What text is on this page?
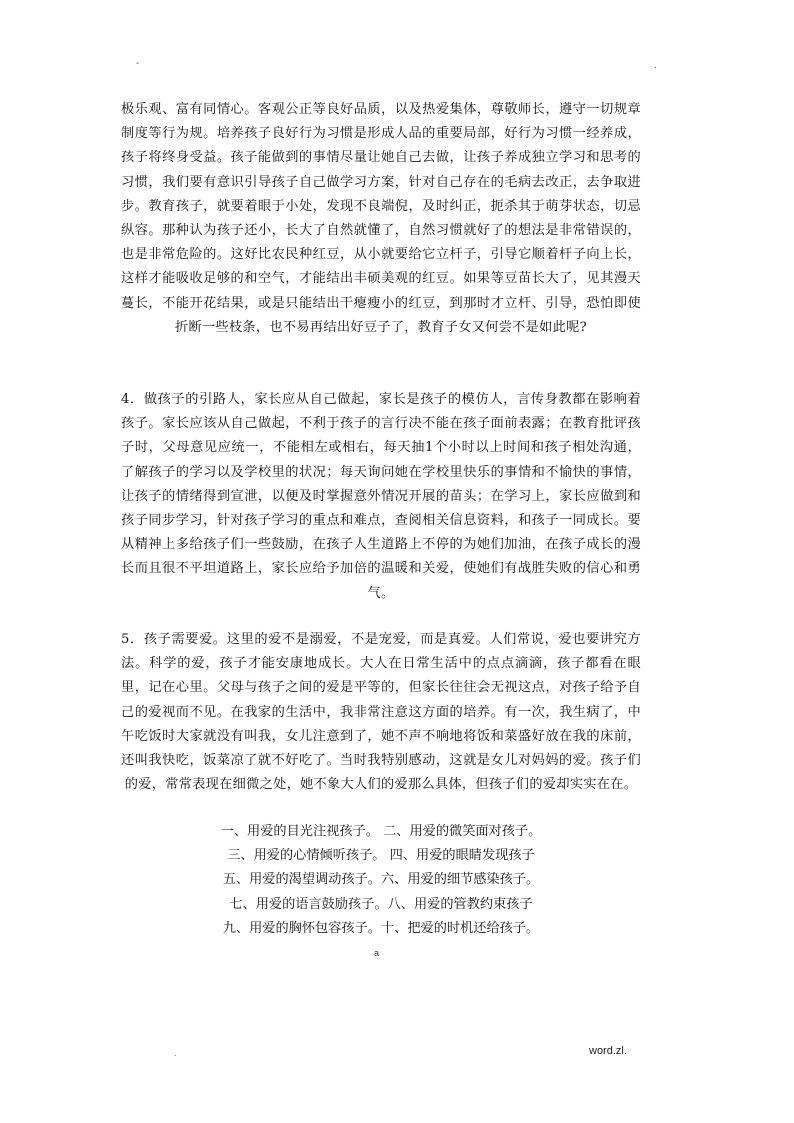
-	.

极乐观、富有同情心。客观公正等良好品质，以及热爱集体，尊敬师长，遵守一切规章制度等行为规。培养孩子良好行为习惯是形成人品的重要局部，好行为习惯一经养成，孩子将终身受益。孩子能做到的事情尽量让她自己去做，让孩子养成独立学习和思考的习惯，我们要有意识引导孩子自己做学习方案，针对自己存在的毛病去改正，去争取进步。教育孩子，就要着眼于小处，发现不良端倪，及时纠正，扼杀其于萌芽状态，切忌纵容。那种认为孩子还小，长大了自然就懂了，自然习惯就好了的想法是非常错误的，也是非常危险的。这好比农民种红豆，从小就要给它立杆子，引导它顺着杆子向上长，这样才能吸收足够的和空气，才能结出丰硕美观的红豆。如果等豆苗长大了，见其漫天蔓长，不能开花结果，或是只能结出干瘪瘦小的红豆，到那时才立杆、引导，恐怕即使折断一些枝条，也不易再结出好豆子了，教育子女又何尝不是如此呢?

4．做孩子的引路人，家长应从自己做起，家长是孩子的模仿人，言传身教都在影响着孩子。家长应该从自己做起，不利于孩子的言行决不能在孩子面前表露；在教育批评孩子时，父母意见应统一，不能相左或相右，每天抽1个小时以上时间和孩子相处沟通，了解孩子的学习以及学校里的状况；每天询问她在学校里快乐的事情和不愉快的事情，让孩子的情绪得到宣泄，以便及时掌握意外情况开展的苗头；在学习上，家长应做到和孩子同步学习，针对孩子学习的重点和难点，查阅相关信息资料，和孩子一同成长。要从精神上多给孩子们一些鼓励，在孩子人生道路上不停的为她们加油，在孩子成长的漫长而且很不平坦道路上，家长应给予加倍的温暖和关爱，使她们有战胜失败的信心和勇气。

5．孩子需要爱。这里的爱不是溺爱，不是宠爱，而是真爱。人们常说，爱也要讲究方法。科学的爱，孩子才能安康地成长。大人在日常生活中的点点滴滴，孩子都看在眼里，记在心里。父母与孩子之间的爱是平等的，但家长往往会无视这点，对孩子给予自己的爱视而不见。在我家的生活中，我非常注意这方面的培养。有一次，我生病了，中午吃饭时大家就没有叫我，女儿注意到了，她不声不响地将饭和菜盛好放在我的床前，还叫我快吃，饭菜凉了就不好吃了。当时我特别感动，这就是女儿对妈妈的爱。孩子们的爱，常常表现在细微之处，她不象大人们的爱那么具体，但孩子们的爱却实实在在。

一、用爱的目光注视孩子。 二、用爱的微笑面对孩子。
三、用爱的心情倾听孩子。 四、用爱的眼睛发现孩子
五、用爱的渴望调动孩子。六、用爱的细节感染孩子。
七、用爱的语言鼓励孩子。八、用爱的管教约束孩子
九、用爱的胸怀包容孩子。十、把爱的时机还给孩子。
a
.	word.zl.
